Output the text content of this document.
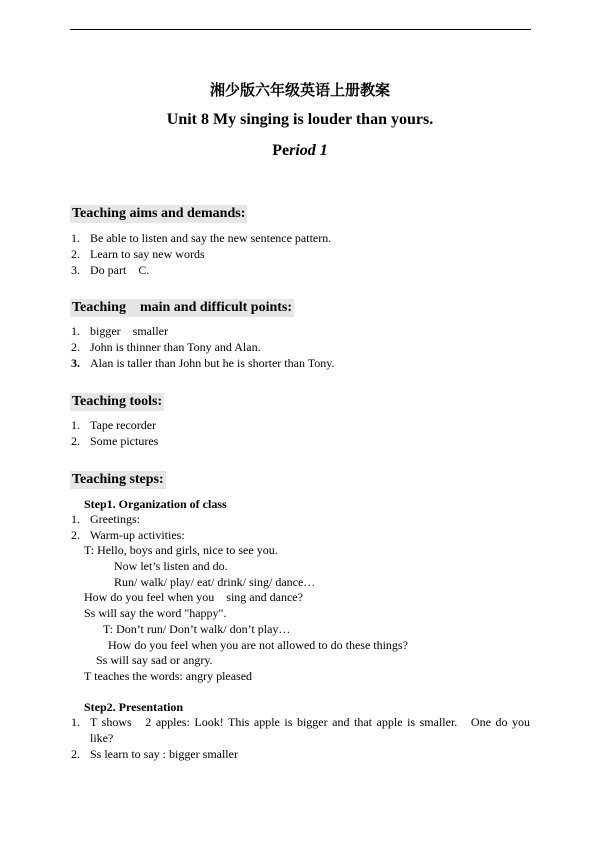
湘少版六年级英语上册教案
Unit 8 My singing is louder than yours.
Period 1
Teaching aims and demands:
1. Be able to listen and say the new sentence pattern.
2. Learn to say new words
3. Do part    C.
Teaching    main and difficult points:
1. bigger    smaller
2. John is thinner than Tony and Alan.
3. Alan is taller than John but he is shorter than Tony.
Teaching tools:
1. Tape recorder
2. Some pictures
Teaching steps:
Step1. Organization of class
1. Greetings:
2. Warm-up activities:
T: Hello, boys and girls, nice to see you.
Now let’s listen and do.
Run/ walk/ play/ eat/ drink/ sing/ dance…
How do you feel when you    sing and dance?
Ss will say the word "happy".
T: Don’t run/ Don’t walk/ don’t play…
How do you feel when you are not allowed to do these things?
Ss will say sad or angry.
T teaches the words: angry pleased
Step2. Presentation
1. T shows   2 apples: Look! This apple is bigger and that apple is smaller.   One do you
like?
2. Ss learn to say : bigger smaller
